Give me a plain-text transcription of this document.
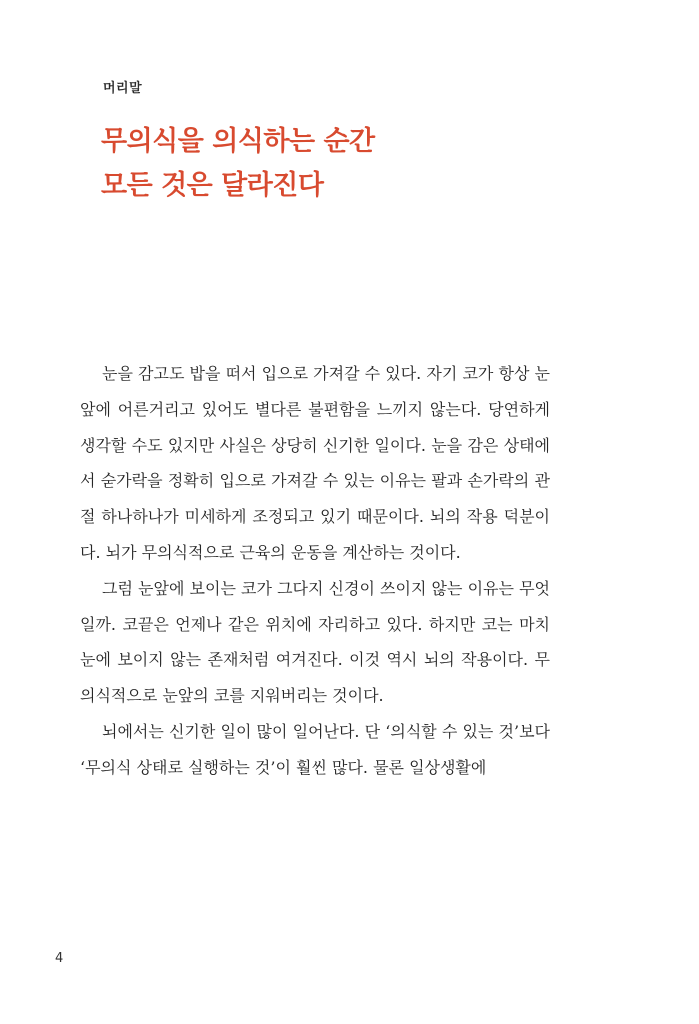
머리말
무의식을 의식하는 순간
모든 것은 달라진다

눈을 감고도 밥을 떠서 입으로 가져갈 수 있다. 자기 코가 항상 눈앞에 어른거리고 있어도 별다른 불편함을 느끼지 않는다. 당연하게 생각할 수도 있지만 사실은 상당히 신기한 일이다. 눈을 감은 상태에서 숟가락을 정확히 입으로 가져갈 수 있는 이유는 팔과 손가락의 관절 하나하나가 미세하게 조정되고 있기 때문이다. 뇌의 작용 덕분이다. 뇌가 무의식적으로 근육의 운동을 계산하는 것이다.

그럼 눈앞에 보이는 코가 그다지 신경이 쓰이지 않는 이유는 무엇일까. 코끝은 언제나 같은 위치에 자리하고 있다. 하지만 코는 마치 눈에 보이지 않는 존재처럼 여겨진다. 이것 역시 뇌의 작용이다. 무의식적으로 눈앞의 코를 지워버리는 것이다.

뇌에서는 신기한 일이 많이 일어난다. 단 ‘의식할 수 있는 것’보다 ‘무의식 상태로 실행하는 것’이 훨씬 많다. 물론 일상생활에

4
